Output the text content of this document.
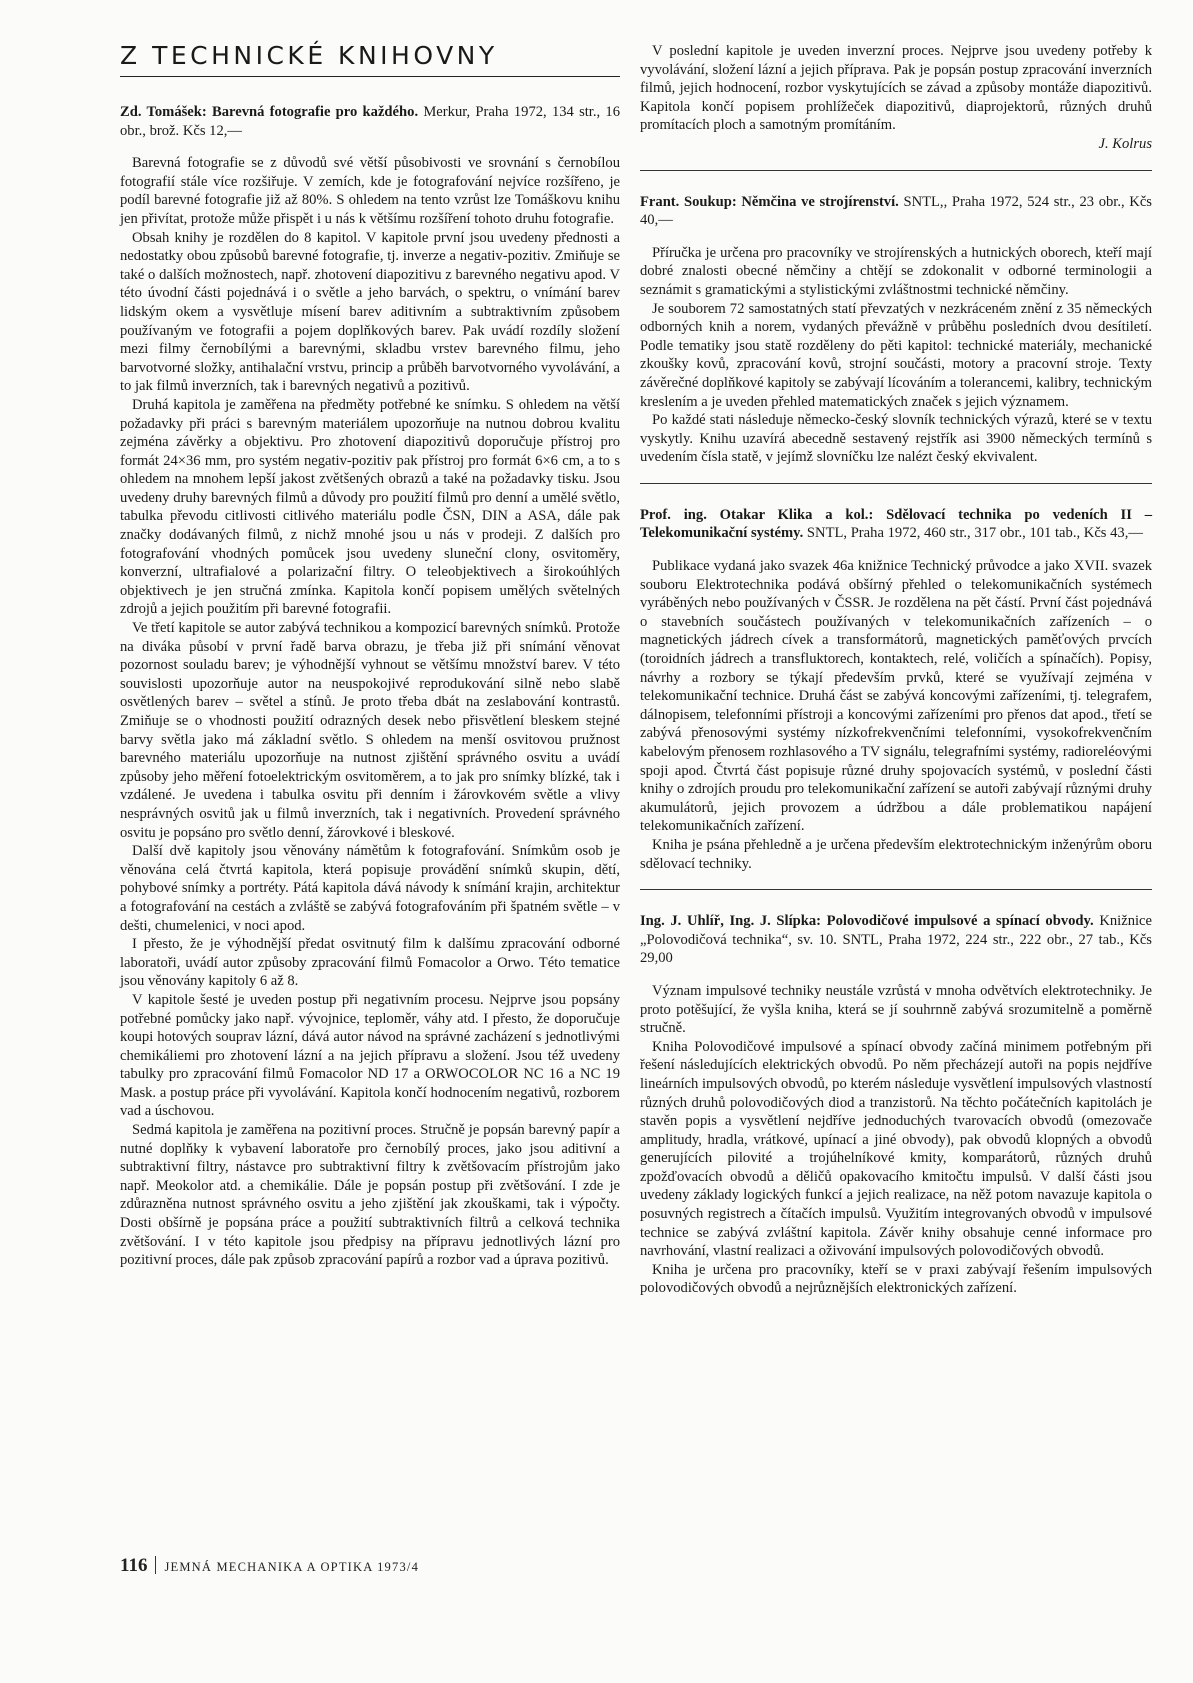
Z TECHNICKÉ KNIHOVNY

Zd. Tomášek: Barevná fotografie pro každého. Merkur, Praha 1972, 134 str., 16 obr., brož. Kčs 12,—

Barevná fotografie se z důvodů své větší působivosti ve srovnání s černobílou fotografií stále více rozšiřuje. V zemích, kde je fotografování nejvíce rozšířeno, je podíl barevné fotografie již až 80%. S ohledem na tento vzrůst lze Tomáškovu knihu jen přivítat, protože může přispět i u nás k většímu rozšíření tohoto druhu fotografie.

Obsah knihy je rozdělen do 8 kapitol. V kapitole první jsou uvedeny přednosti a nedostatky obou způsobů barevné fotografie, tj. inverze a negativ-pozitiv. Zmiňuje se také o dalších možnostech, např. zhotovení diapozitivu z barevného negativu apod. V této úvodní části pojednává i o světle a jeho barvách, o spektru, o vnímání barev lidským okem a vysvětluje mísení barev aditivním a subtraktivním způsobem používaným ve fotografii a pojem doplňkových barev. Pak uvádí rozdíly složení mezi filmy černobílými a barevnými, skladbu vrstev barevného filmu, jeho barvotvorné složky, antihalační vrstvu, princip a průběh barvotvorného vyvolávání, a to jak filmů inverzních, tak i barevných negativů a pozitivů.

Druhá kapitola je zaměřena na předměty potřebné ke snímku. S ohledem na větší požadavky při práci s barevným materiálem upozorňuje na nutnou dobrou kvalitu zejména závěrky a objektivu. Pro zhotovení diapozitivů doporučuje přístroj pro formát 24×36 mm, pro systém negativ-pozitiv pak přístroj pro formát 6×6 cm, a to s ohledem na mnohem lepší jakost zvětšených obrazů a také na požadavky tisku. Jsou uvedeny druhy barevných filmů a důvody pro použití filmů pro denní a umělé světlo, tabulka převodu citlivosti citlivého materiálu podle ČSN, DIN a ASA, dále pak značky dodávaných filmů, z nichž mnohé jsou u nás v prodeji. Z dalších pro fotografování vhodných pomůcek jsou uvedeny sluneční clony, osvitoměry, konverzní, ultrafialové a polarizační filtry. O teleobjektivech a širokoúhlých objektivech je jen stručná zmínka. Kapitola končí popisem umělých světelných zdrojů a jejich použitím při barevné fotografii.

Ve třetí kapitole se autor zabývá technikou a kompozicí barevných snímků. Protože na diváka působí v první řadě barva obrazu, je třeba již při snímání věnovat pozornost souladu barev; je výhodnější vyhnout se většímu množství barev. V této souvislosti upozorňuje autor na neuspokojivé reprodukování silně nebo slabě osvětlených barev – světel a stínů. Je proto třeba dbát na zeslabování kontrastů. Zmiňuje se o vhodnosti použití odrazných desek nebo přisvětlení bleskem stejné barvy světla jako má základní světlo. S ohledem na menší osvitovou pružnost barevného materiálu upozorňuje na nutnost zjištění správného osvitu a uvádí způsoby jeho měření fotoelektrickým osvitoměrem, a to jak pro snímky blízké, tak i vzdálené. Je uvedena i tabulka osvitu při denním i žárovkovém světle a vlivy nesprávných osvitů jak u filmů inverzních, tak i negativních. Provedení správného osvitu je popsáno pro světlo denní, žárovkové i bleskové.

Další dvě kapitoly jsou věnovány námětům k fotografování. Snímkům osob je věnována celá čtvrtá kapitola, která popisuje provádění snímků skupin, dětí, pohybové snímky a portréty. Pátá kapitola dává návody k snímání krajin, architektur a fotografování na cestách a zvláště se zabývá fotografováním při špatném světle – v dešti, chumelenici, v noci apod.

I přesto, že je výhodnější předat osvitnutý film k dalšímu zpracování odborné laboratoři, uvádí autor způsoby zpracování filmů Fomacolor a Orwo. Této tematice jsou věnovány kapitoly 6 až 8.

V kapitole šesté je uveden postup při negativním procesu. Nejprve jsou popsány potřebné pomůcky jako např. vývojnice, teploměr, váhy atd. I přesto, že doporučuje koupi hotových souprav lázní, dává autor návod na správné zacházení s jednotlivými chemikáliemi pro zhotovení lázní a na jejich přípravu a složení. Jsou též uvedeny tabulky pro zpracování filmů Fomacolor ND 17 a ORWOCOLOR NC 16 a NC 19 Mask. a postup práce při vyvolávání. Kapitola končí hodnocením negativů, rozborem vad a úschovou.

Sedmá kapitola je zaměřena na pozitivní proces. Stručně je popsán barevný papír a nutné doplňky k vybavení laboratoře pro černobílý proces, jako jsou aditivní a subtraktivní filtry, nástavce pro subtraktivní filtry k zvětšovacím přístrojům jako např. Meokolor atd. a chemikálie. Dále je popsán postup při zvětšování. I zde je zdůrazněna nutnost správného osvitu a jeho zjištění jak zkouškami, tak i výpočty. Dosti obšírně je popsána práce a použití subtraktivních filtrů a celková technika zvětšování. I v této kapitole jsou předpisy na přípravu jednotlivých lázní pro pozitivní proces, dále pak způsob zpracování papírů a rozbor vad a úprava pozitivů.

V poslední kapitole je uveden inverzní proces. Nejprve jsou uvedeny potřeby k vyvolávání, složení lázní a jejich příprava. Pak je popsán postup zpracování inverzních filmů, jejich hodnocení, rozbor vyskytujících se závad a způsoby montáže diapozitivů. Kapitola končí popisem prohlížeček diapozitivů, diaprojektorů, různých druhů promítacích ploch a samotným promítáním.

J. Kolrus

Frant. Soukup: Němčina ve strojírenství. SNTL,, Praha 1972, 524 str., 23 obr., Kčs 40,—

Příručka je určena pro pracovníky ve strojírenských a hutnických oborech, kteří mají dobré znalosti obecné němčiny a chtějí se zdokonalit v odborné terminologii a seznámit s gramatickými a stylistickými zvláštnostmi technické němčiny.

Je souborem 72 samostatných statí převzatých v nezkráceném znění z 35 německých odborných knih a norem, vydaných převážně v průběhu posledních dvou desítiletí. Podle tematiky jsou statě rozděleny do pěti kapitol: technické materiály, mechanické zkoušky kovů, zpracování kovů, strojní součásti, motory a pracovní stroje. Texty závěrečné doplňkové kapitoly se zabývají lícováním a tolerancemi, kalibry, technickým kreslením a je uveden přehled matematických značek s jejich významem.

Po každé stati následuje německo-český slovník technických výrazů, které se v textu vyskytly. Knihu uzavírá abecedně sestavený rejstřík asi 3900 německých termínů s uvedením čísla statě, v jejímž slovníčku lze nalézt český ekvivalent.

Prof. ing. Otakar Klika a kol.: Sdělovací technika po vedeních II – Telekomunikační systémy. SNTL, Praha 1972, 460 str., 317 obr., 101 tab., Kčs 43,—

Publikace vydaná jako svazek 46a knižnice Technický průvodce a jako XVII. svazek souboru Elektrotechnika podává obšírný přehled o telekomunikačních systémech vyráběných nebo používaných v ČSSR. Je rozdělena na pět částí. První část pojednává o stavebních součástech používaných v telekomunikačních zařízeních – o magnetických jádrech cívek a transformátorů, magnetických paměťových prvcích (toroidních jádrech a transfluktorech, kontaktech, relé, voličích a spínačích). Popisy, návrhy a rozbory se týkají především prvků, které se využívají zejména v telekomunikační technice. Druhá část se zabývá koncovými zařízeními, tj. telegrafem, dálnopisem, telefonními přístroji a koncovými zařízeními pro přenos dat apod., třetí se zabývá přenosovými systémy nízkofrekvenčními telefonními, vysokofrekvenčním kabelovým přenosem rozhlasového a TV signálu, telegrafními systémy, radioreléovými spoji apod. Čtvrtá část popisuje různé druhy spojovacích systémů, v poslední části knihy o zdrojích proudu pro telekomunikační zařízení se autoři zabývají různými druhy akumulátorů, jejich provozem a údržbou a dále problematikou napájení telekomunikačních zařízení.

Kniha je psána přehledně a je určena především elektrotechnickým inženýrům oboru sdělovací techniky.

Ing. J. Uhlíř, Ing. J. Slípka: Polovodičové impulsové a spínací obvody. Knižnice „Polovodičová technika“, sv. 10. SNTL, Praha 1972, 224 str., 222 obr., 27 tab., Kčs 29,00

Význam impulsové techniky neustále vzrůstá v mnoha odvětvích elektrotechniky. Je proto potěšující, že vyšla kniha, která se jí souhrnně zabývá srozumitelně a poměrně stručně.

Kniha Polovodičové impulsové a spínací obvody začíná minimem potřebným při řešení následujících elektrických obvodů. Po něm přecházejí autoři na popis nejdříve lineárních impulsových obvodů, po kterém následuje vysvětlení impulsových vlastností různých druhů polovodičových diod a tranzistorů. Na těchto počátečních kapitolách je stavěn popis a vysvětlení nejdříve jednoduchých tvarovacích obvodů (omezovače amplitudy, hradla, vrátkové, upínací a jiné obvody), pak obvodů klopných a obvodů generujících pilovité a trojúhelníkové kmity, komparátorů, různých druhů zpožďovacích obvodů a děličů opakovacího kmitočtu impulsů. V další části jsou uvedeny základy logických funkcí a jejich realizace, na něž potom navazuje kapitola o posuvných registrech a čítačích impulsů. Využitím integrovaných obvodů v impulsové technice se zabývá zvláštní kapitola. Závěr knihy obsahuje cenné informace pro navrhování, vlastní realizaci a oživování impulsových polovodičových obvodů.

Kniha je určena pro pracovníky, kteří se v praxi zabývají řešením impulsových polovodičových obvodů a nejrůznějších elektronických zařízení.

116 JEMNÁ MECHANIKA A OPTIKA 1973/4
